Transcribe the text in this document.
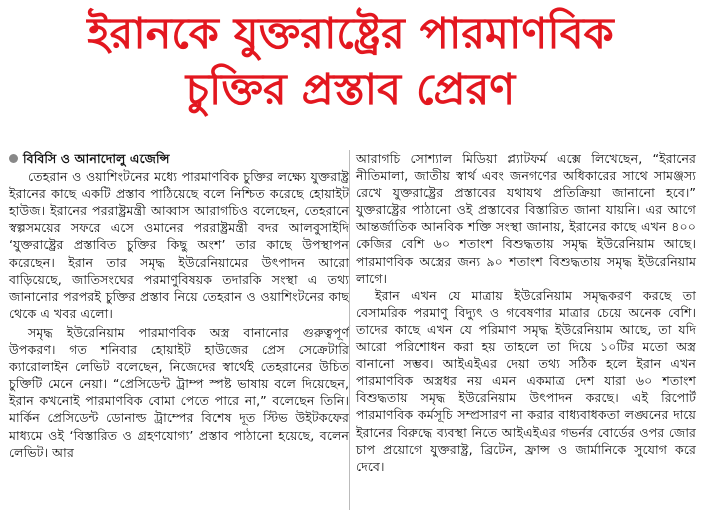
ইরানকে যুক্তরাষ্ট্রের পারমাণবিক
চুক্তির প্রস্তাব প্রেরণ
বিবিসি ও আনাদোলু এজেন্সি

তেহরান ও ওয়াশিংটনের মধ্যে পারমাণবিক চুক্তির লক্ষ্যে যুক্তরাষ্ট্র ইরানের কাছে একটি প্রস্তাব পাঠিয়েছে বলে নিশ্চিত করেছে হোয়াইট হাউজ। ইরানের পররাষ্ট্রমন্ত্রী আব্বাস আরাগচিও বলেছেন, তেহরানে স্বল্পসময়ের সফরে এসে ওমানের পররাষ্ট্রমন্ত্রী বদর আলবুসাইদি ‘যুক্তরাষ্ট্রের প্রস্তাবিত চুক্তির কিছু অংশ’ তার কাছে উপস্থাপন করেছেন। ইরান তার সমৃদ্ধ ইউরেনিয়ামের উৎপাদন আরো বাড়িয়েছে, জাতিসংঘের পরমাণুবিষয়ক তদারকি সংস্থা এ তথ্য জানানোর পরপরই চুক্তির প্রস্তাব নিয়ে তেহরান ও ওয়াশিংটনের কাছ থেকে এ খবর এলো।

সমৃদ্ধ ইউরেনিয়াম পারমাণবিক অস্ত্র বানানোর গুরুত্বপূর্ণ উপকরণ। গত শনিবার হোয়াইট হাউজের প্রেস সেক্রেটারি ক্যারোলাইন লেভিট বলেছেন, নিজেদের স্বার্থেই তেহরানের উচিত চুক্তিটি মেনে নেয়া। “প্রেসিডেন্ট ট্রাম্প স্পষ্ট ভাষায় বলে দিয়েছেন, ইরান কখনোই পারমাণবিক বোমা পেতে পারে না,” বলেছেন তিনি। মার্কিন প্রেসিডেন্ট ডোনাল্ড ট্রাম্পের বিশেষ দূত স্টিভ উইটকফের মাধ্যমে ওই ‘বিস্তারিত ও গ্রহণযোগ্য’ প্রস্তাব পাঠানো হয়েছে, বলেন লেভিট। আর

আরাগচি সোশ্যাল মিডিয়া প্ল্যাটফর্ম এক্সে লিখেছেন, “ইরানের নীতিমালা, জাতীয় স্বার্থ এবং জনগণের অধিকারের সাথে সামঞ্জস্য রেখে যুক্তরাষ্ট্রের প্রস্তাবের যথাযথ প্রতিক্রিয়া জানানো হবে।” যুক্তরাষ্ট্রের পাঠানো ওই প্রস্তাবের বিস্তারিত জানা যায়নি। এর আগে আন্তর্জাতিক আনবিক শক্তি সংস্থা জানায়, ইরানের কাছে এখন ৪০০ কেজির বেশি ৬০ শতাংশ বিশুদ্ধতায় সমৃদ্ধ ইউরেনিয়াম আছে। পারমাণবিক অস্ত্রের জন্য ৯০ শতাংশ বিশুদ্ধতায় সমৃদ্ধ ইউরেনিয়াম লাগে।

ইরান এখন যে মাত্রায় ইউরেনিয়াম সমৃদ্ধকরণ করছে তা বেসামরিক পরমাণু বিদ্যুৎ ও গবেষণার মাত্রার চেয়ে অনেক বেশি। তাদের কাছে এখন যে পরিমাণ সমৃদ্ধ ইউরেনিয়াম আছে, তা যদি আরো পরিশোধন করা হয় তাহলে তা দিয়ে ১০টির মতো অস্ত্র বানানো সম্ভব। আইএইএর দেয়া তথ্য সঠিক হলে ইরান এখন পারমাণবিক অস্ত্রধর নয় এমন একমাত্র দেশ যারা ৬০ শতাংশ বিশুদ্ধতায় সমৃদ্ধ ইউরেনিয়াম উৎপাদন করছে। এই রিপোর্ট পারমাণবিক কর্মসূচি সম্প্রসারণ না করার বাধ্যবাধকতা লঙ্ঘনের দায়ে ইরানের বিরুদ্ধে ব্যবস্থা নিতে আইএইএর গভর্নর বোর্ডের ওপর জোর চাপ প্রয়োগে যুক্তরাষ্ট্র, ব্রিটেন, ফ্রান্স ও জার্মানিকে সুযোগ করে দেবে।
